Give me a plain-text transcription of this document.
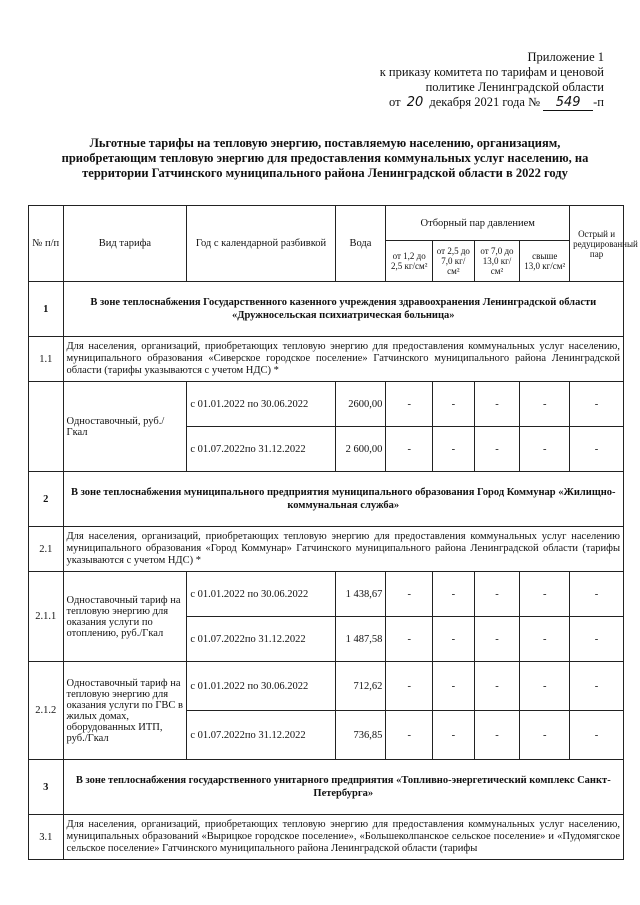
Приложение 1
к приказу комитета по тарифам и ценовой
политике Ленинградской области
от 20 декабря 2021 года № 549 -п
Льготные тарифы на тепловую энергию, поставляемую населению, организациям, приобретающим тепловую энергию для предоставления коммунальных услуг населению, на территории Гатчинского муниципального района Ленинградской области в 2022 году
№ п/п	Вид тарифа	Год с календарной разбивкой	Вода	Отборный пар давлением				Острый и редуцированный пар
				от 1,2 до 2,5 кг/см²	от 2,5 до 7,0 кг/см²	от 7,0 до 13,0 кг/см²	свыше 13,0 кг/см²	
1	В зоне теплоснабжения Государственного казенного учреждения здравоохранения Ленинградской области «Дружносельская психиатрическая больница»							
1.1	Для населения, организаций, приобретающих тепловую энергию для предоставления коммунальных услуг населению, муниципального образования «Сиверское городское поселение» Гатчинского муниципального района Ленинградской области (тарифы указываются с учетом НДС) *							
	Одноставочный, руб./Гкал	с 01.01.2022 по 30.06.2022	2600,00	-	-	-	-	-
		с 01.07.2022по 31.12.2022	2 600,00	-	-	-	-	-
2	В зоне теплоснабжения муниципального предприятия муниципального образования Город Коммунар «Жилищно-коммунальная служба»							
2.1	Для населения, организаций, приобретающих тепловую энергию для предоставления коммунальных услуг населению муниципального образования «Город Коммунар» Гатчинского муниципального района Ленинградской области (тарифы указываются с учетом НДС) *							
2.1.1	Одноставочный тариф на тепловую энергию для оказания услуги по отоплению, руб./Гкал	с 01.01.2022 по 30.06.2022	1 438,67	-	-	-	-	-
		с 01.07.2022по 31.12.2022	1 487,58	-	-	-	-	-
2.1.2	Одноставочный тариф на тепловую энергию для оказания услуги по ГВС в жилых домах, оборудованных ИТП, руб./Гкал	с 01.01.2022 по 30.06.2022	712,62	-	-	-	-	-
		с 01.07.2022по 31.12.2022	736,85	-	-	-	-	-
3	В зоне теплоснабжения государственного унитарного предприятия «Топливно-энергетический комплекс Санкт-Петербурга»							
3.1	Для населения, организаций, приобретающих тепловую энергию для предоставления коммунальных услуг населению, муниципальных образований «Вырицкое городское поселение», «Большеколпанское сельское поселение» и «Пудомягское сельское поселение» Гатчинского муниципального района Ленинградской области (тарифы							
